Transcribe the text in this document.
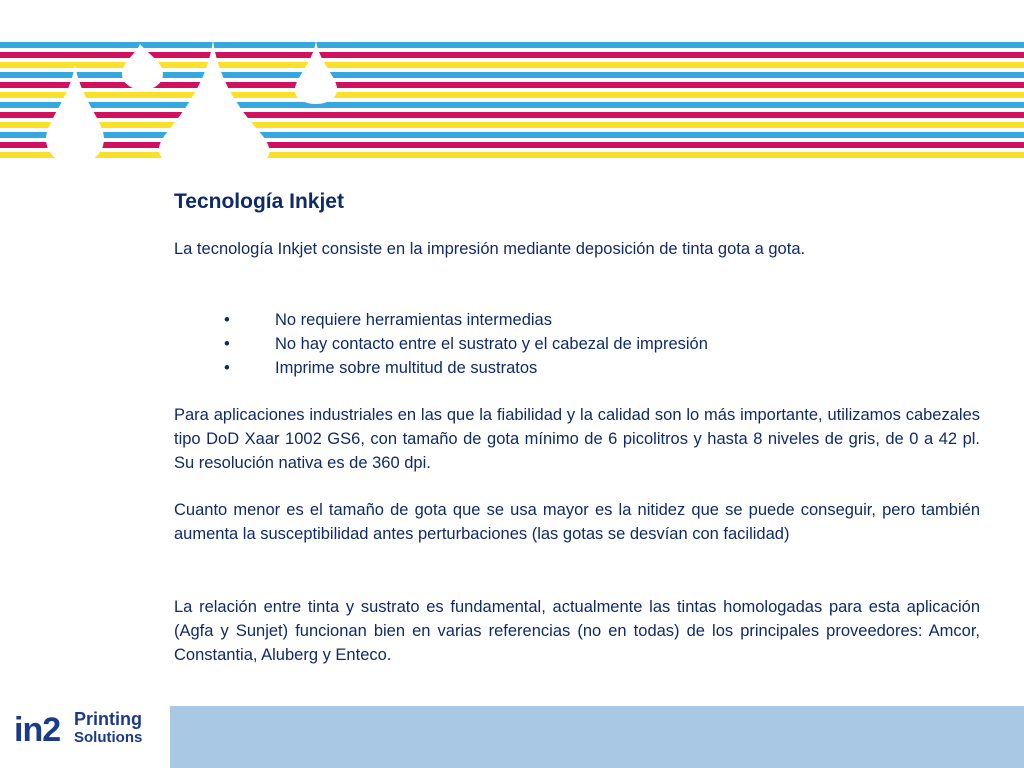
Tecnología Inkjet
La tecnología Inkjet consiste en la impresión mediante deposición de tinta gota a gota.
•	No requiere herramientas intermedias
•	No hay contacto entre el sustrato y el cabezal de impresión
•	Imprime sobre multitud de sustratos
Para aplicaciones industriales en las que la fiabilidad y la calidad son lo más importante, utilizamos cabezales tipo DoD Xaar 1002 GS6, con tamaño de gota mínimo de 6 picolitros y hasta 8 niveles de gris, de 0 a 42 pl. Su resolución nativa es de 360 dpi.
Cuanto menor es el tamaño de gota que se usa mayor es la nitidez que se puede conseguir, pero también aumenta la susceptibilidad antes perturbaciones (las gotas se desvían con facilidad)
La relación entre tinta y sustrato es fundamental, actualmente las tintas homologadas para esta aplicación (Agfa y Sunjet) funcionan bien en varias referencias (no en todas) de los principales proveedores: Amcor, Constantia, Aluberg y Enteco.
in2 Printing
Solutions
